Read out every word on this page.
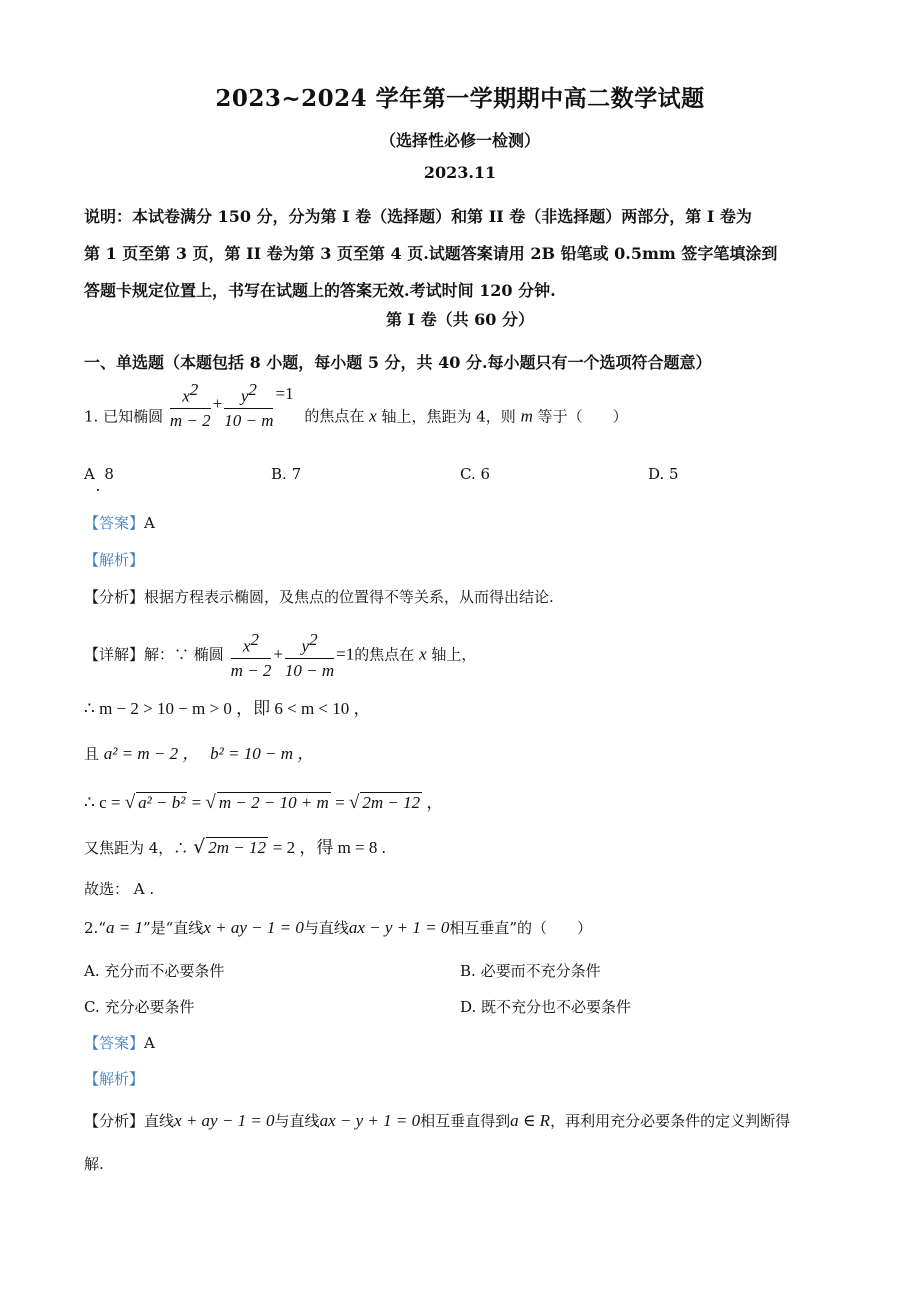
2023~2024 学年第一学期期中高二数学试题
（选择性必修一检测）
2023.11

说明：本试卷满分 150 分，分为第 I 卷（选择题）和第 II 卷（非选择题）两部分，第 I 卷为

第 1 页至第 3 页，第 II 卷为第 3 页至第 4 页.试题答案请用 2B 铅笔或 0.5mm 签字笔填涂到

答题卡规定位置上，书写在试题上的答案无效.考试时间 120 分钟.

第 I 卷（共 60 分）
一、单选题（本题包括 8 小题，每小题 5 分，共 40 分.每小题只有一个选项符合题意）
1. 已知椭圆 $\frac{x^2}{m - 2} + \frac{y^2}{10 - m} =1$ 的焦点在 x 轴上，焦距为 4，则 m 等于（　　）
A 8	B. 7	C. 6	D. 5
【答案】A
【解析】
【分析】根据方程表示椭圆，及焦点的位置得不等关系，从而得出结论.
【详解】解：∵ 椭圆 $\frac{x^2}{m - 2} + \frac{y^2}{10 - m} =1$的焦点在 x 轴上，
∴ m − 2 > 10 − m > 0 ，即 6 < m < 10 ，
且 a² = m − 2 ， b² = 10 − m ，
∴ c = √ a² − b² = √ m − 2 − 10 + m = √ 2m − 12 ，
又焦距为 4，∴ √ 2m − 12 = 2 ，得 m = 8 .
故选： A .
2.“a = 1”是“直线x + ay − 1 = 0与直线ax − y + 1 = 0相互垂直”的（　　）
A. 充分而不必要条件	B. 必要而不充分条件
C. 充分必要条件	D. 既不充分也不必要条件
【答案】A
【解析】
【分析】直线x + ay − 1 = 0与直线ax − y + 1 = 0相互垂直得到a ∈ R，再利用充分必要条件的定义判断得
解.
